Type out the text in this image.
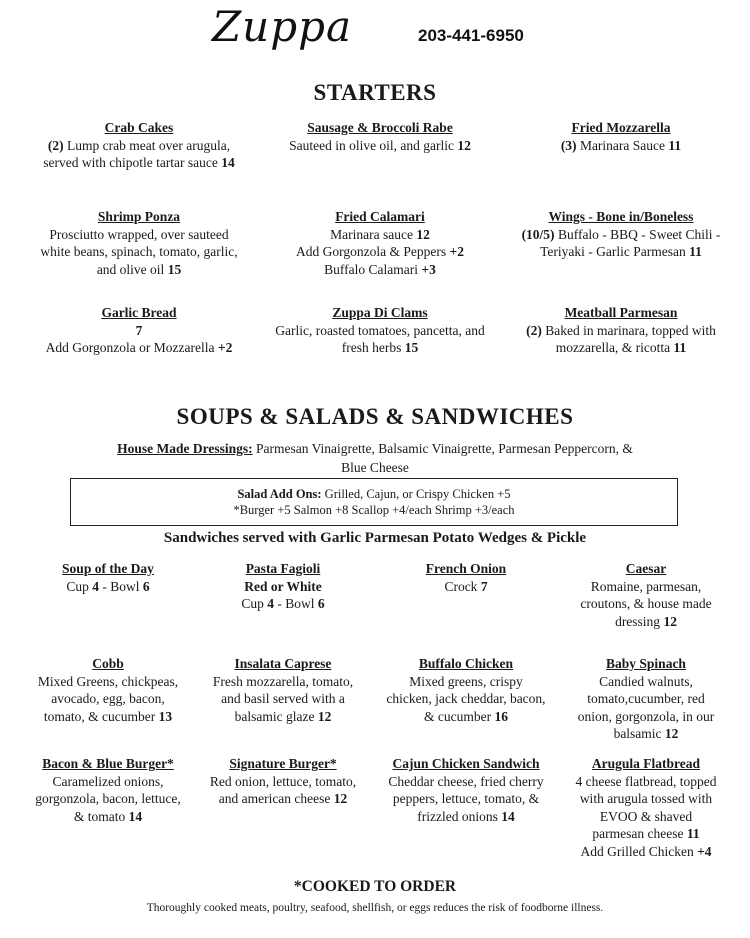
Zuppa	203-441-6950
STARTERS
Crab Cakes
(2) Lump crab meat over arugula,
served with chipotle tartar sauce 14
Sausage & Broccoli Rabe
Sauteed in olive oil, and garlic 12
Fried Mozzarella
(3) Marinara Sauce 11
Shrimp Ponza
Prosciutto wrapped, over sauteed
white beans, spinach, tomato, garlic,
and olive oil 15
Fried Calamari
Marinara sauce 12
Add Gorgonzola & Peppers +2
Buffalo Calamari +3
Wings - Bone in/Boneless
(10/5) Buffalo - BBQ - Sweet Chili -
Teriyaki - Garlic Parmesan 11
Garlic Bread
7
Add Gorgonzola or Mozzarella +2
Zuppa Di Clams
Garlic, roasted tomatoes, pancetta, and
fresh herbs 15
Meatball Parmesan
(2) Baked in marinara, topped with
mozzarella, & ricotta 11
SOUPS & SALADS & SANDWICHES
House Made Dressings: Parmesan Vinaigrette, Balsamic Vinaigrette, Parmesan Peppercorn, &
Blue Cheese
Salad Add Ons: Grilled, Cajun, or Crispy Chicken +5
*Burger +5 Salmon +8 Scallop +4/each Shrimp +3/each
Sandwiches served with Garlic Parmesan Potato Wedges & Pickle
Soup of the Day
Cup 4 - Bowl 6
Pasta Fagioli
Red or White
Cup 4 - Bowl 6
French Onion
Crock 7
Caesar
Romaine, parmesan,
croutons, & house made
dressing 12
Cobb
Mixed Greens, chickpeas,
avocado, egg, bacon,
tomato, & cucumber 13
Insalata Caprese
Fresh mozzarella, tomato,
and basil served with a
balsamic glaze 12
Buffalo Chicken
Mixed greens, crispy
chicken, jack cheddar, bacon,
& cucumber 16
Baby Spinach
Candied walnuts,
tomato,cucumber, red
onion, gorgonzola, in our
balsamic 12
Bacon & Blue Burger*
Caramelized onions,
gorgonzola, bacon, lettuce,
& tomato 14
Signature Burger*
Red onion, lettuce, tomato,
and american cheese 12
Cajun Chicken Sandwich
Cheddar cheese, fried cherry
peppers, lettuce, tomato, &
frizzled onions 14
Arugula Flatbread
4 cheese flatbread, topped
with arugula tossed with
EVOO & shaved
parmesan cheese 11
Add Grilled Chicken +4
*COOKED TO ORDER
Thoroughly cooked meats, poultry, seafood, shellfish, or eggs reduces the risk of foodborne illness.
